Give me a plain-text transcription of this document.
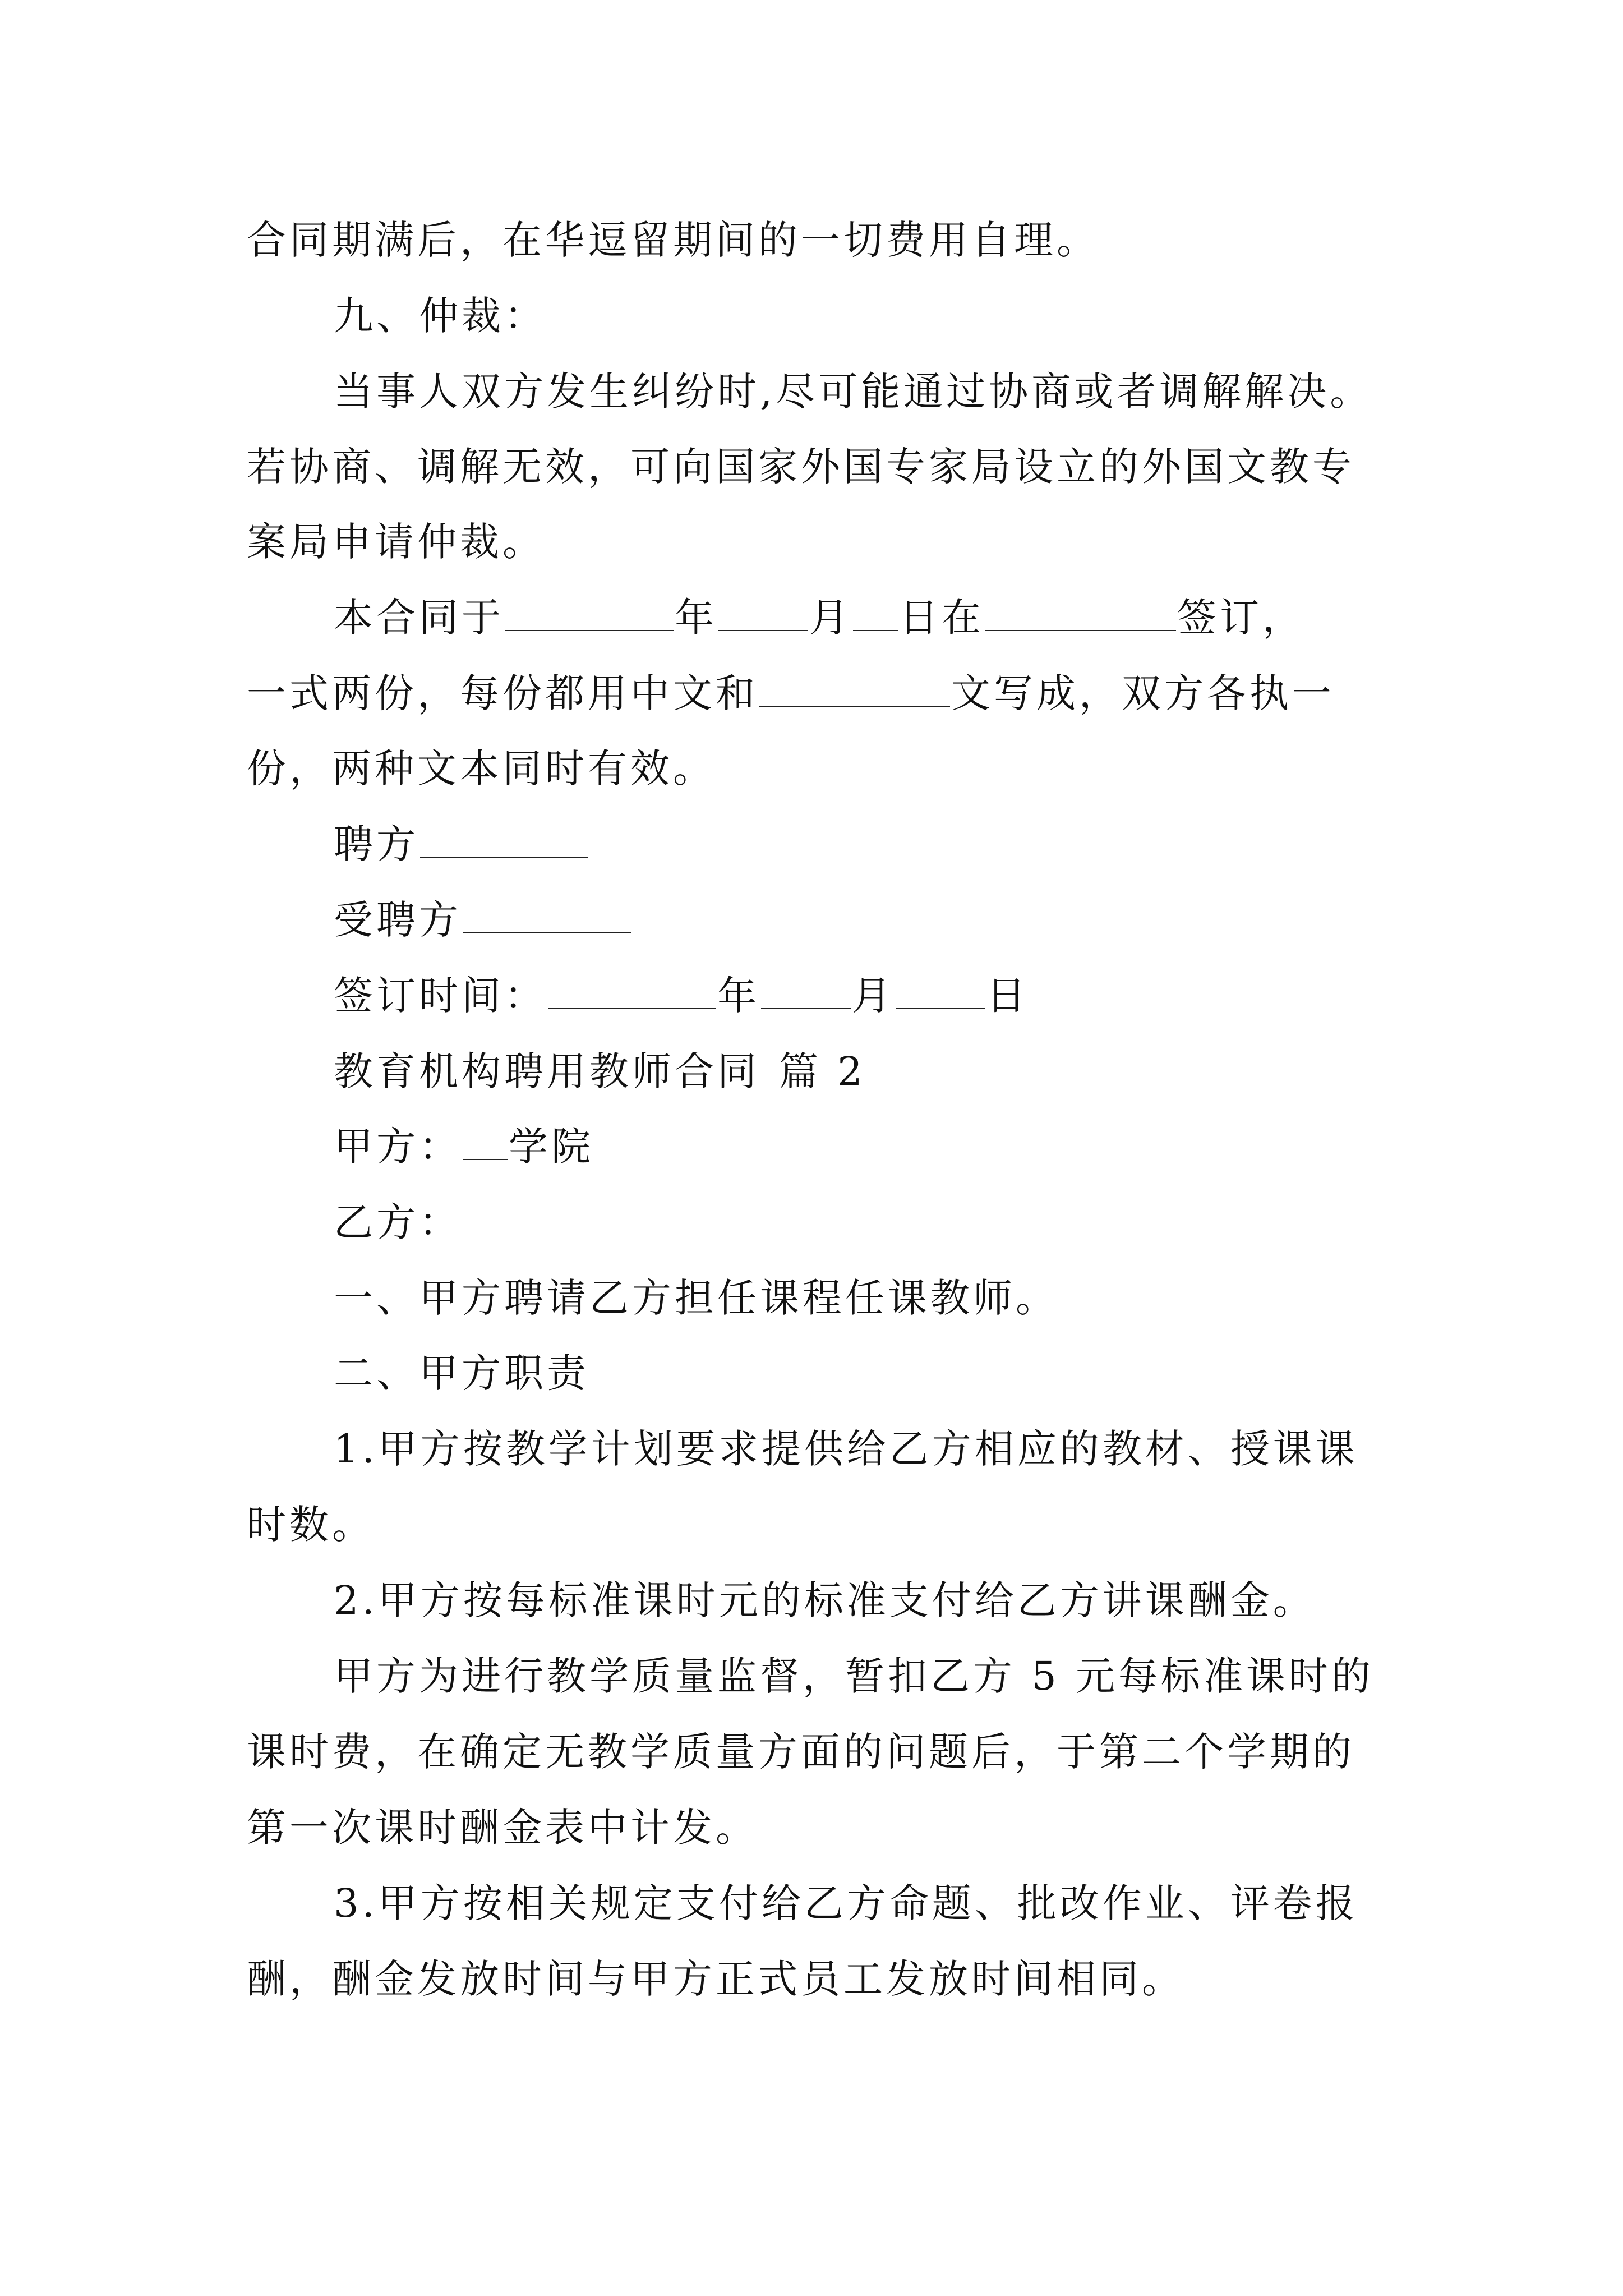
合同期满后，在华逗留期间的一切费用自理。
九、仲裁：
当事人双方发生纠纷时,尽可能通过协商或者调解解决。
若协商、调解无效，可向国家外国专家局设立的外国文教专
案局申请仲裁。
本合同于	年 月 日在	签订，
一式两份，每份都用中文和	文写成，双方各执一
份，两种文本同时有效。
聘方
受聘方
签订时间：	年 月 日
教育机构聘用教师合同 篇 2
甲方： 学院
乙方：
一、甲方聘请乙方担任课程任课教师。
二、甲方职责
1.甲方按教学计划要求提供给乙方相应的教材、授课课
时数。
2.甲方按每标准课时元的标准支付给乙方讲课酬金。
甲方为进行教学质量监督，暂扣乙方 5 元每标准课时的
课时费，在确定无教学质量方面的问题后，于第二个学期的
第一次课时酬金表中计发。
3.甲方按相关规定支付给乙方命题、批改作业、评卷报
酬，酬金发放时间与甲方正式员工发放时间相同。
